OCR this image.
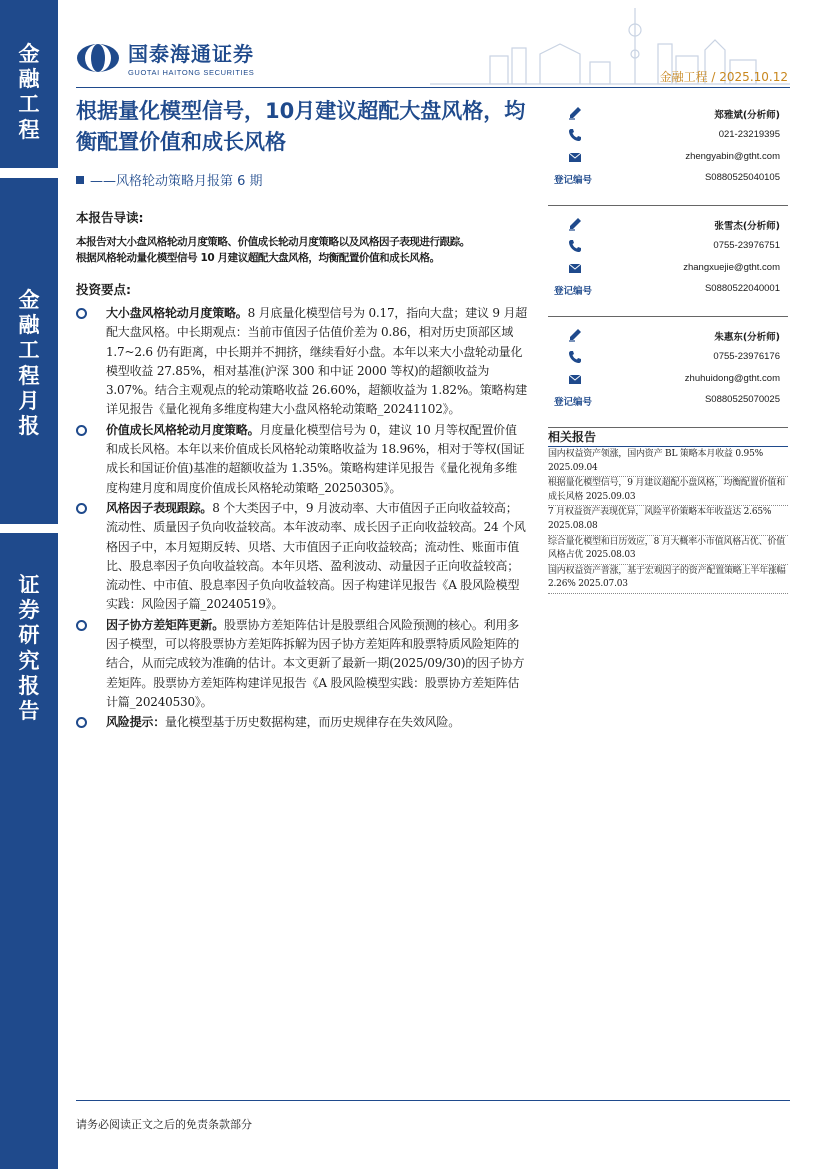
金
融
工
程
金
融
工
程
月
报
证
券
研
究
报
告
国泰海通证券
GUOTAI HAITONG SECURITIES	金融工程 / 2025.10.12
根据量化模型信号，10月建议超配大盘风格，均衡配置价值和成长风格
——风格轮动策略月报第 6 期
本报告导读:
本报告对大小盘风格轮动月度策略、价值成长轮动月度策略以及风格因子表现进行跟踪。
根据风格轮动量化模型信号 10 月建议超配大盘风格，均衡配置价值和成长风格。
投资要点:
大小盘风格轮动月度策略。8 月底量化模型信号为 0.17，指向大盘；建议 9 月超配大盘风格。中长期观点：当前市值因子估值价差为 0.86，相对历史顶部区域 1.7~2.6 仍有距离，中长期并不拥挤，继续看好小盘。本年以来大小盘轮动量化模型收益 27.85%，相对基准(沪深 300 和中证 2000 等权)的超额收益为 3.07%。结合主观观点的轮动策略收益 26.60%，超额收益为 1.82%。策略构建详见报告《量化视角多维度构建大小盘风格轮动策略_20241102》。
价值成长风格轮动月度策略。月度量化模型信号为 0，建议 10 月等权配置价值和成长风格。本年以来价值成长风格轮动策略收益为 18.96%，相对于等权(国证成长和国证价值)基准的超额收益为 1.35%。策略构建详见报告《量化视角多维度构建月度和周度价值成长风格轮动策略_20250305》。
风格因子表现跟踪。8 个大类因子中，9 月波动率、大市值因子正向收益较高；流动性、质量因子负向收益较高。本年波动率、成长因子正向收益较高。24 个风格因子中，本月短期反转、贝塔、大市值因子正向收益较高；流动性、账面市值比、股息率因子负向收益较高。本年贝塔、盈利波动、动量因子正向收益较高；流动性、中市值、股息率因子负向收益较高。因子构建详见报告《A 股风险模型实践：风险因子篇_20240519》。
因子协方差矩阵更新。股票协方差矩阵估计是股票组合风险预测的核心。利用多因子模型，可以将股票协方差矩阵拆解为因子协方差矩阵和股票特质风险矩阵的结合，从而完成较为准确的估计。本文更新了最新一期(2025/09/30)的因子协方差矩阵。股票协方差矩阵构建详见报告《A 股风险模型实践：股票协方差矩阵估计篇_20240530》。
风险提示：量化模型基于历史数据构建，而历史规律存在失效风险。
郑雅斌(分析师)
021-23219395
zhengyabin@gtht.com
登记编号	S0880525040105
张雪杰(分析师)
0755-23976751
zhangxuejie@gtht.com
登记编号	S0880522040001
朱惠东(分析师)
0755-23976176
zhuhuidong@gtht.com
登记编号	S0880525070025
相关报告
国内权益资产领涨，国内资产 BL 策略本月收益 0.95% 2025.09.04
根据量化模型信号，9 月建议超配小盘风格，均衡配置价值和成长风格 2025.09.03
7 月权益资产表现优异，风险平价策略本年收益达 2.65% 2025.08.08
综合量化模型和日历效应，8 月大概率小市值风格占优、价值风格占优 2025.08.03
国内权益资产普涨，基于宏观因子的资产配置策略上半年涨幅 2.26% 2025.07.03
请务必阅读正文之后的免责条款部分
